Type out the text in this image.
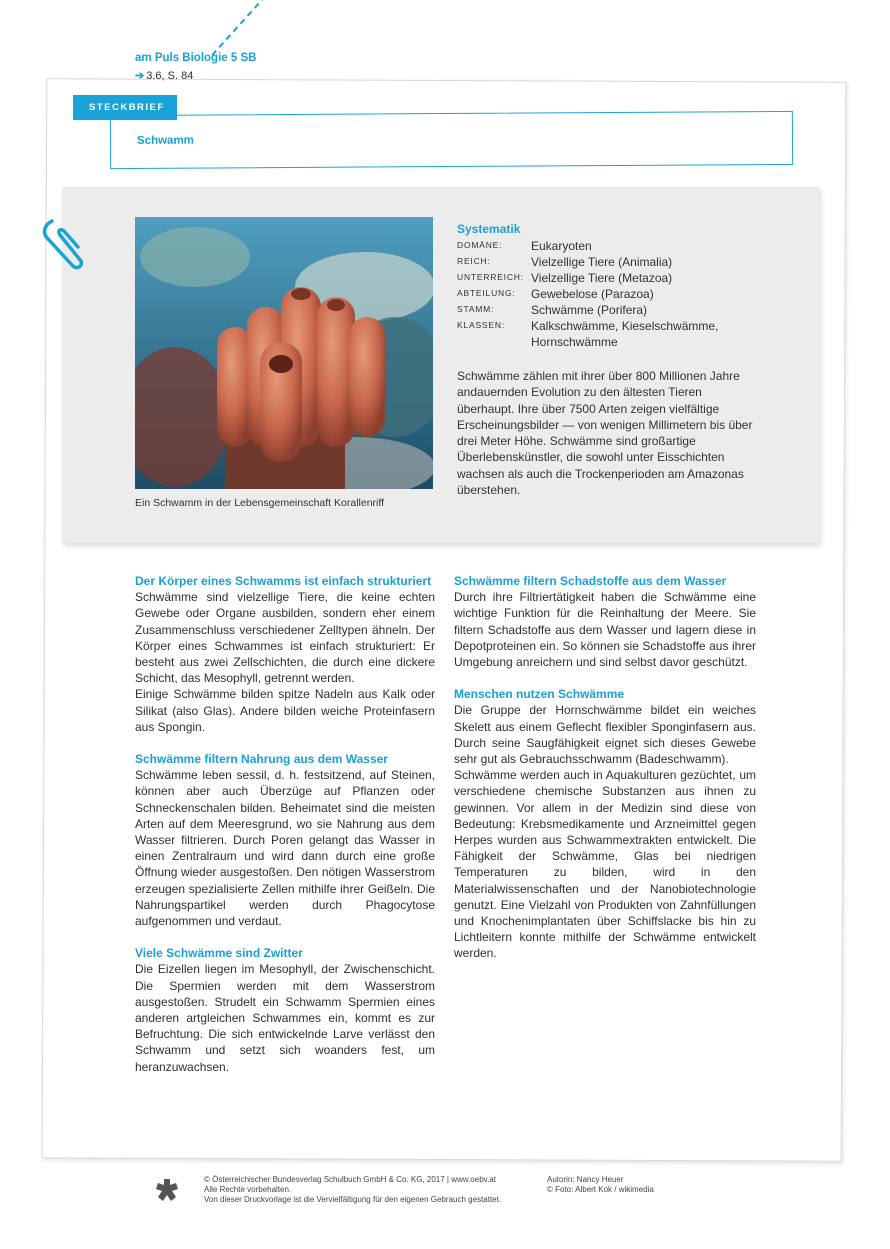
am Puls Biologie 5 SB
➔ 3.6, S. 84
Schwamm
STECKBRIEF
Ein Schwamm in der Lebensgemeinschaft Korallenriff
Systematik
DOMÄNE: Eukaryoten
REICH:	Vielzellige Tiere (Animalia)
UNTERREICH: Vielzellige Tiere (Metazoa)
ABTEILUNG: Gewebelose (Parazoa)
STAMM:	Schwämme (Porifera)
KLASSEN: Kalkschwämme, Kieselschwämme, Hornschwämme
Schwämme zählen mit ihrer über 800 Millionen Jahre andauernden Evolution zu den ältesten Tieren überhaupt. Ihre über 7500 Arten zeigen vielfältige Erscheinungsbilder — von wenigen Millimetern bis über drei Meter Höhe. Schwämme sind großartige Überlebenskünstler, die sowohl unter Eisschichten wachsen als auch die Trockenperioden am Amazonas überstehen.
Der Körper eines Schwamms ist einfach strukturiert

Schwämme sind vielzellige Tiere, die keine echten Gewebe oder Organe ausbilden, sondern eher einem Zusammenschluss verschiedener Zelltypen ähneln. Der Körper eines Schwammes ist einfach strukturiert: Er besteht aus zwei Zellschichten, die durch eine dickere Schicht, das Mesophyll, getrennt werden.

Einige Schwämme bilden spitze Nadeln aus Kalk oder Silikat (also Glas). Andere bilden weiche Proteinfasern aus Spongin.

Schwämme filtern Nahrung aus dem Wasser

Schwämme leben sessil, d. h. festsitzend, auf Steinen, können aber auch Überzüge auf Pflanzen oder Schneckenschalen bilden. Beheimatet sind die meisten Arten auf dem Meeresgrund, wo sie Nahrung aus dem Wasser filtrieren. Durch Poren gelangt das Wasser in einen Zentralraum und wird dann durch eine große Öffnung wieder ausgestoßen. Den nötigen Wasserstrom erzeugen spezialisierte Zellen mithilfe ihrer Geißeln. Die Nahrungspartikel werden durch Phagocytose aufgenommen und verdaut.

Viele Schwämme sind Zwitter

Die Eizellen liegen im Mesophyll, der Zwischenschicht. Die Spermien werden mit dem Wasserstrom ausgestoßen. Strudelt ein Schwamm Spermien eines anderen artgleichen Schwammes ein, kommt es zur Befruchtung. Die sich entwickelnde Larve verlässt den Schwamm und setzt sich woanders fest, um heranzuwachsen.

Schwämme filtern Schadstoffe aus dem Wasser

Durch ihre Filtriertätigkeit haben die Schwämme eine wichtige Funktion für die Reinhaltung der Meere. Sie filtern Schadstoffe aus dem Wasser und lagern diese in Depotproteinen ein. So können sie Schadstoffe aus ihrer Umgebung anreichern und sind selbst davor geschützt.

Menschen nutzen Schwämme

Die Gruppe der Hornschwämme bildet ein weiches Skelett aus einem Geflecht flexibler Sponginfasern aus. Durch seine Saugfähigkeit eignet sich dieses Gewebe sehr gut als Gebrauchsschwamm (Badeschwamm).

Schwämme werden auch in Aquakulturen gezüchtet, um verschiedene chemische Substanzen aus ihnen zu gewinnen. Vor allem in der Medizin sind diese von Bedeutung: Krebsmedikamente und Arzneimittel gegen Herpes wurden aus Schwammextrakten entwickelt. Die Fähigkeit der Schwämme, Glas bei niedrigen Temperaturen zu bilden, wird in den Materialwissenschaften und der Nanobiotechnologie genutzt. Eine Vielzahl von Produkten von Zahnfüllungen und Knochenimplantaten über Schiffslacke bis hin zu Lichtleitern konnte mithilfe der Schwämme entwickelt werden.

© Österreichischer Bundesverlag Schulbuch GmbH & Co. KG, 2017 | www.oebv.at
Alle Rechte vorbehalten.
Von dieser Druckvorlage ist die Vervielfältigung für den eigenen Gebrauch gestattet.
Autorin: Nancy Heuer
© Foto: Albert Kok / wikimedia
